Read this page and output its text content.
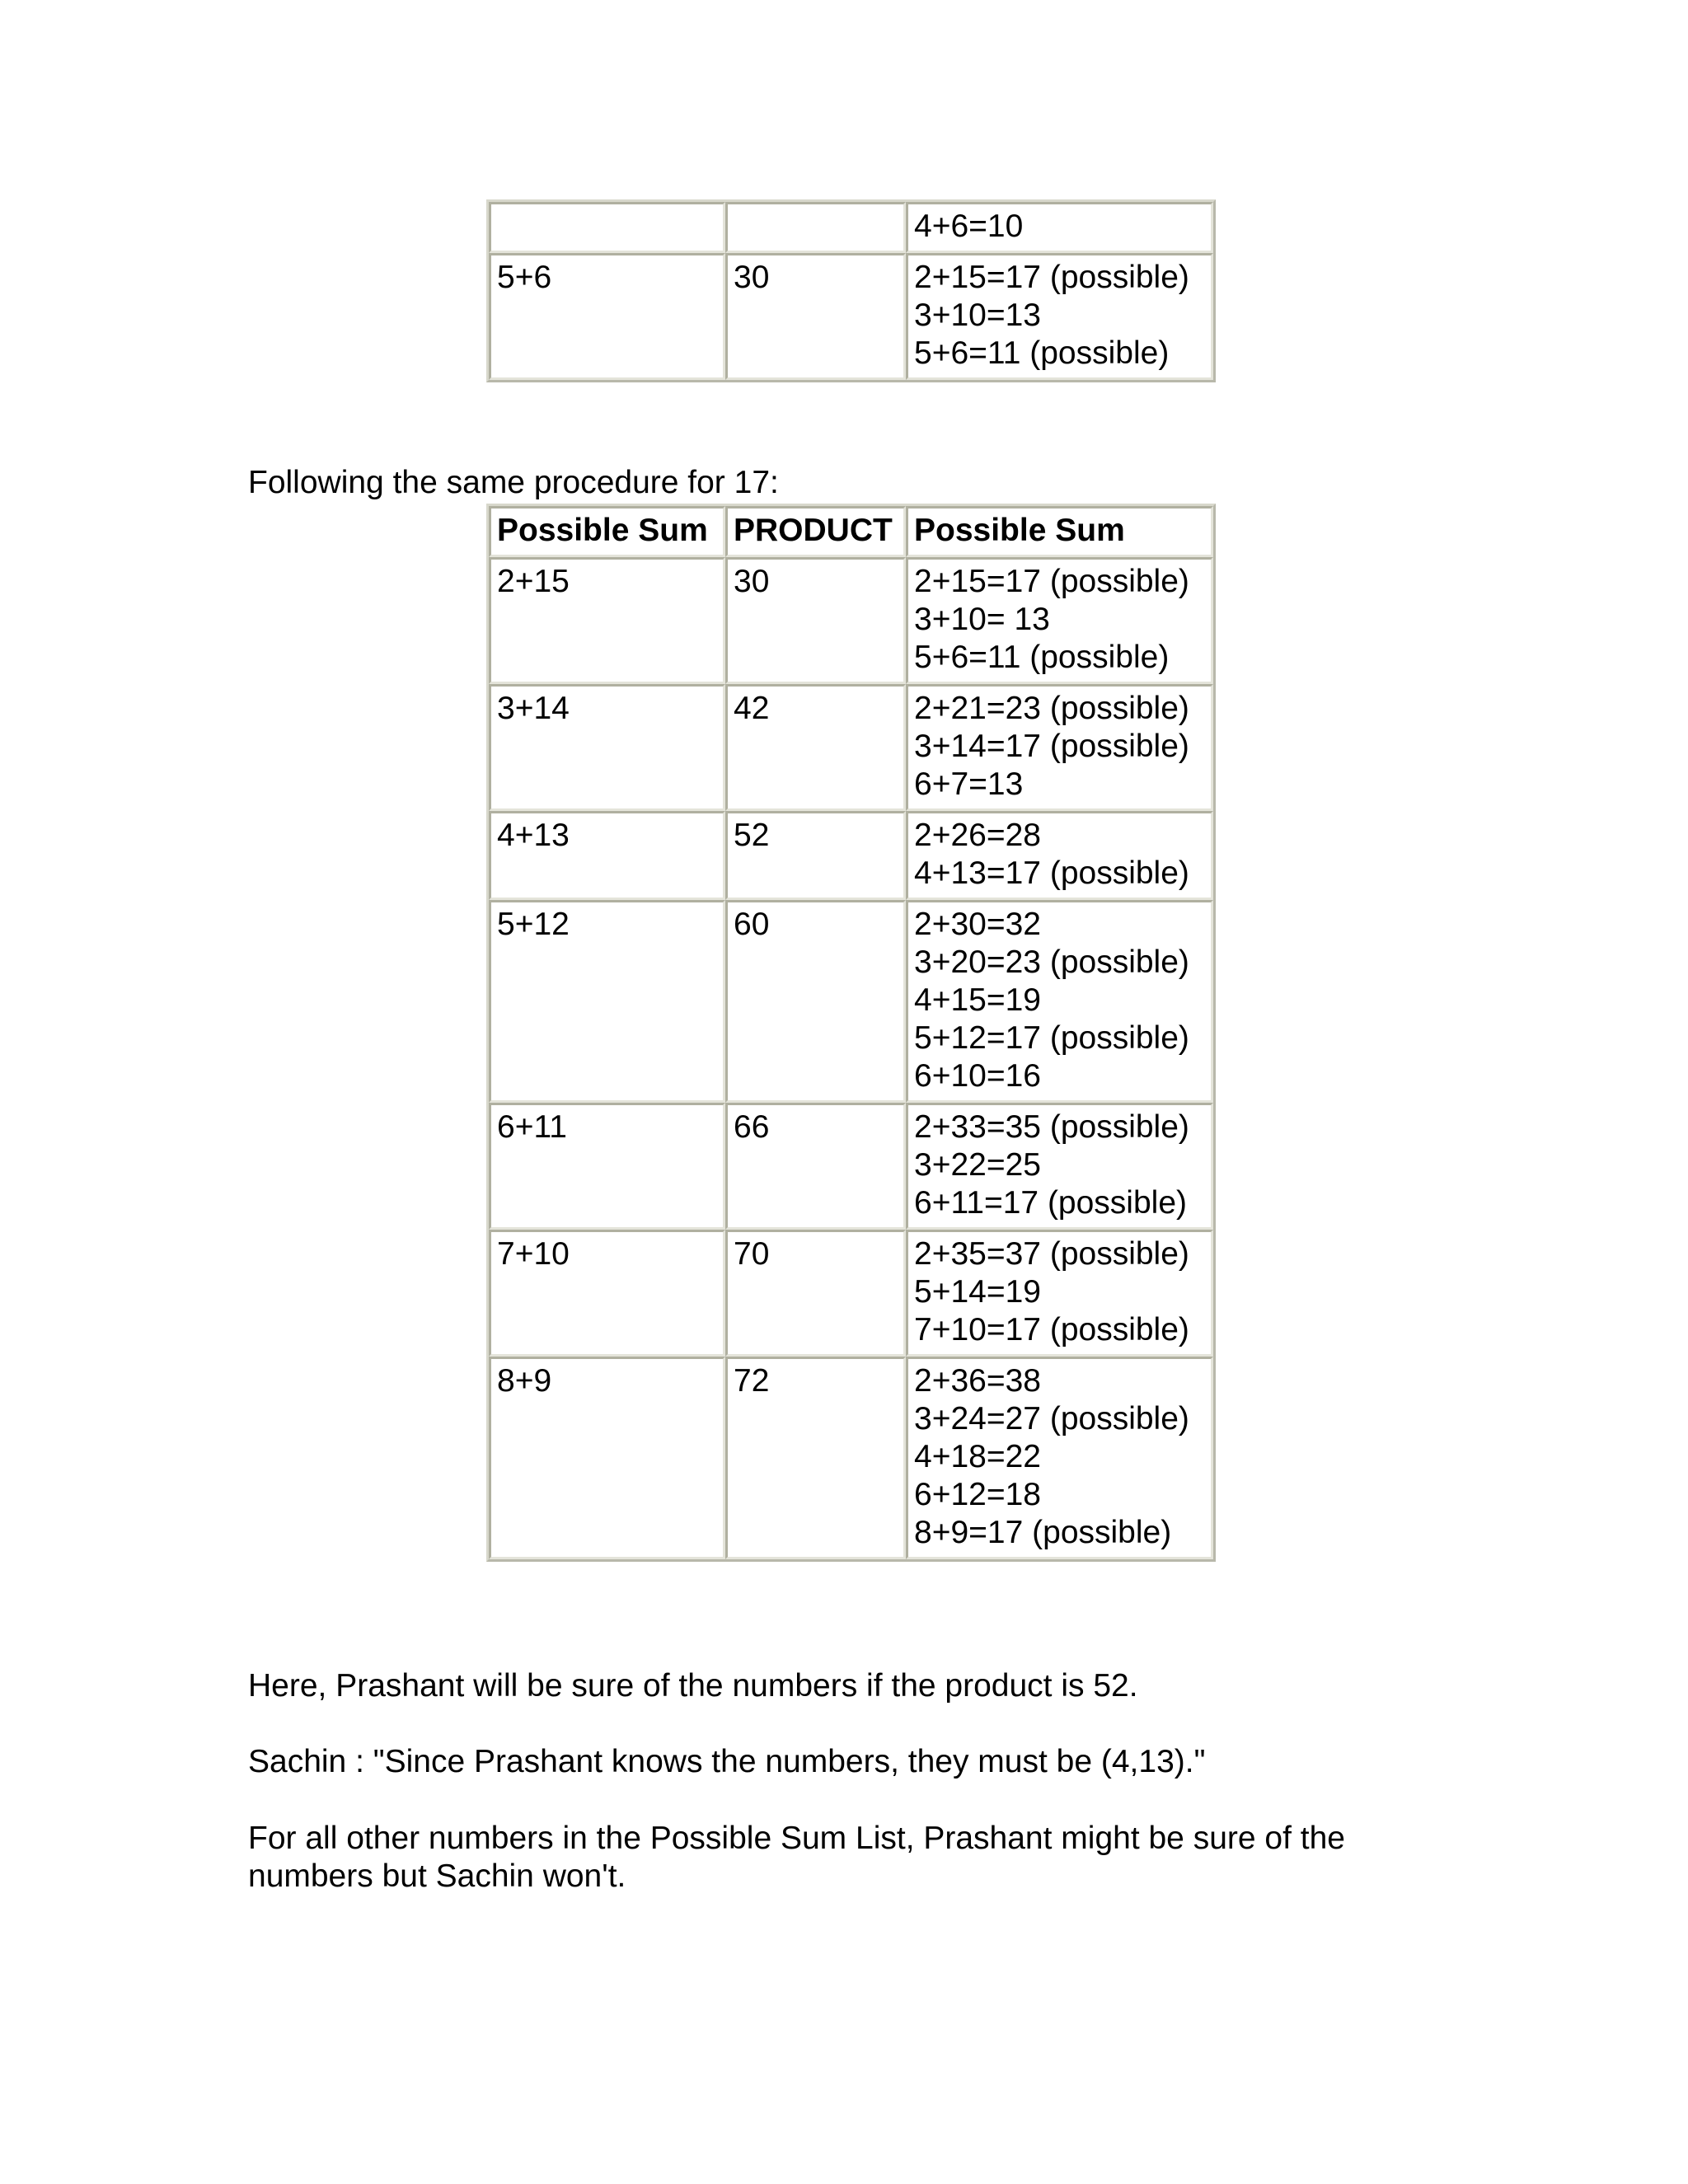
		4+6=10

5+6	30	2+15=17 (possible)
3+10=13
5+6=11 (possible)

Following the same procedure for 17:

Possible Sum	PRODUCT	Possible Sum
2+15	30	2+15=17 (possible)
3+10= 13
5+6=11 (possible)

3+14	42	2+21=23 (possible)
3+14=17 (possible)
6+7=13

4+13	52	2+26=28
4+13=17 (possible)

5+12	60	2+30=32
3+20=23 (possible)
4+15=19
5+12=17 (possible)
6+10=16

6+11	66	2+33=35 (possible)
3+22=25
6+11=17 (possible)

7+10	70	2+35=37 (possible)
5+14=19
7+10=17 (possible)

8+9	72	2+36=38
3+24=27 (possible)
4+18=22
6+12=18
8+9=17 (possible)

Here, Prashant will be sure of the numbers if the product is 52.

Sachin : "Since Prashant knows the numbers, they must be (4,13)."

For all other numbers in the Possible Sum List, Prashant might be sure of the numbers but Sachin won't.
